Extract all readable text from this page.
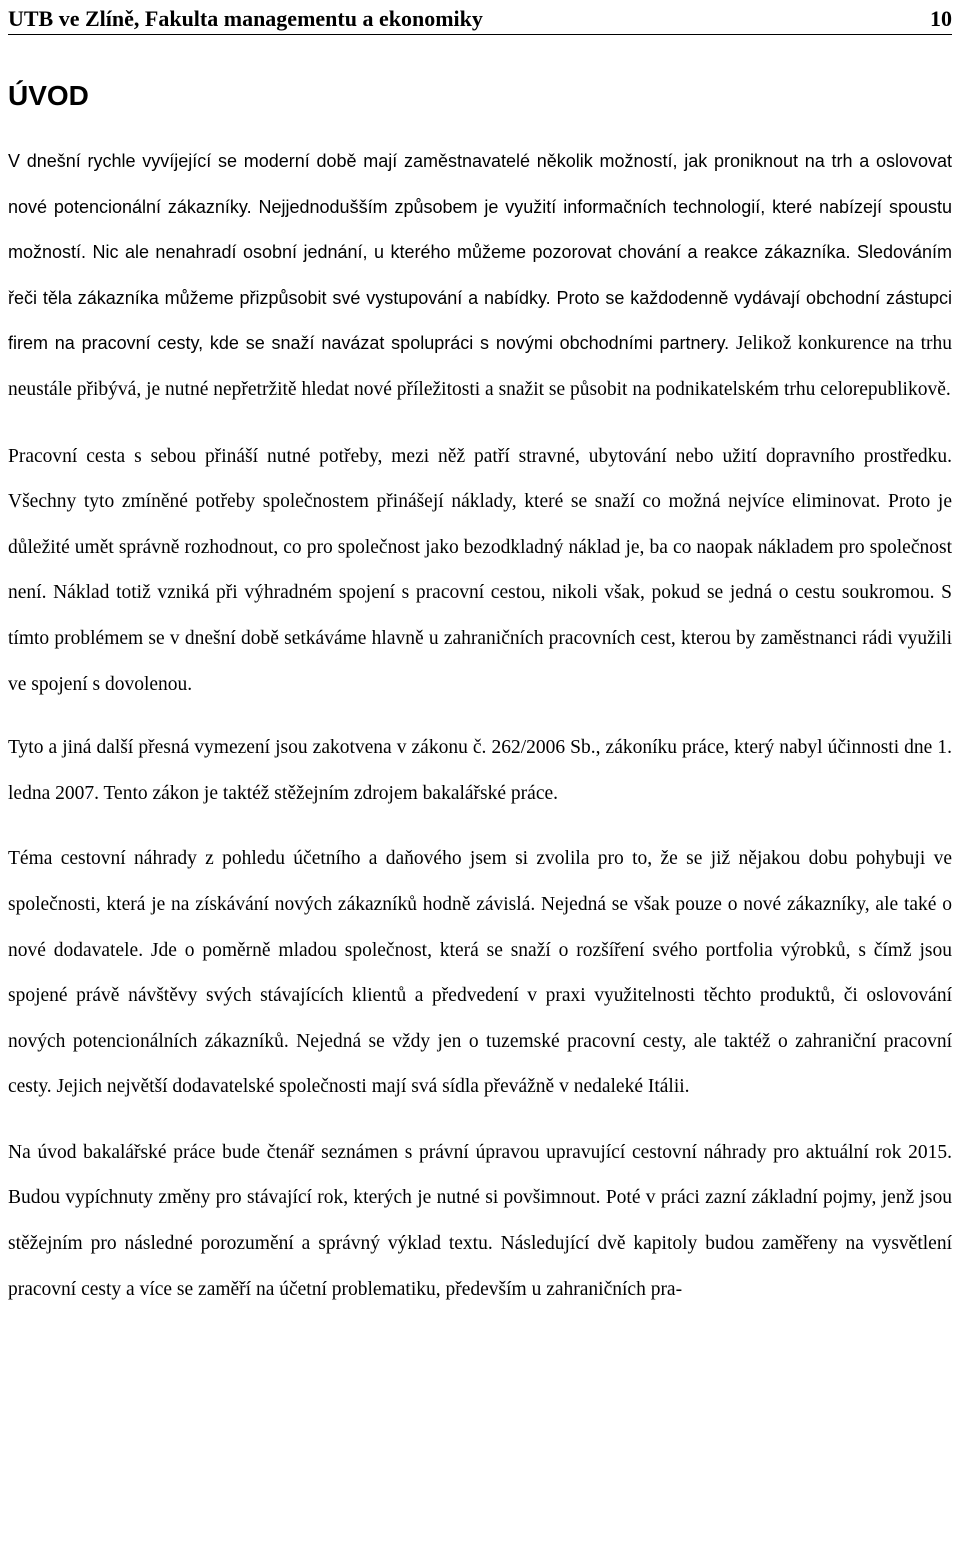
UTB ve Zlíně, Fakulta managementu a ekonomiky	10
ÚVOD

V dnešní rychle vyvíjející se moderní době mají zaměstnavatelé několik možností, jak proniknout na trh a oslovovat nové potencionální zákazníky. Nejjednodušším způsobem je využití informačních technologií, které nabízejí spoustu možností. Nic ale nenahradí osobní jednání, u kterého můžeme pozorovat chování a reakce zákazníka. Sledováním řeči těla zákazníka můžeme přizpůsobit své vystupování a nabídky. Proto se každodenně vydávají obchodní zástupci firem na pracovní cesty, kde se snaží navázat spolupráci s novými obchodními partnery. Jelikož konkurence na trhu neustále přibývá, je nutné nepřetržitě hledat nové příležitosti a snažit se působit na podnikatelském trhu celorepublikově.

Pracovní cesta s sebou přináší nutné potřeby, mezi něž patří stravné, ubytování nebo užití dopravního prostředku. Všechny tyto zmíněné potřeby společnostem přinášejí náklady, které se snaží co možná nejvíce eliminovat. Proto je důležité umět správně rozhodnout, co pro společnost jako bezodkladný náklad je, ba co naopak nákladem pro společnost není. Náklad totiž vzniká při výhradném spojení s pracovní cestou, nikoli však, pokud se jedná o cestu soukromou. S tímto problémem se v dnešní době setkáváme hlavně u zahraničních pracovních cest, kterou by zaměstnanci rádi využili ve spojení s dovolenou.

Tyto a jiná další přesná vymezení jsou zakotvena v zákonu č. 262/2006 Sb., zákoníku práce, který nabyl účinnosti dne 1. ledna 2007. Tento zákon je taktéž stěžejním zdrojem bakalářské práce.

Téma cestovní náhrady z pohledu účetního a daňového jsem si zvolila pro to, že se již nějakou dobu pohybuji ve společnosti, která je na získávání nových zákazníků hodně závislá. Nejedná se však pouze o nové zákazníky, ale také o nové dodavatele. Jde o poměrně mladou společnost, která se snaží o rozšíření svého portfolia výrobků, s čímž jsou spojené právě návštěvy svých stávajících klientů a předvedení v praxi využitelnosti těchto produktů, či oslovování nových potencionálních zákazníků. Nejedná se vždy jen o tuzemské pracovní cesty, ale taktéž o zahraniční pracovní cesty. Jejich největší dodavatelské společnosti mají svá sídla převážně v nedaleké Itálii.

Na úvod bakalářské práce bude čtenář seznámen s právní úpravou upravující cestovní náhrady pro aktuální rok 2015. Budou vypíchnuty změny pro stávající rok, kterých je nutné si povšimnout. Poté v práci zazní základní pojmy, jenž jsou stěžejním pro následné porozumění a správný výklad textu. Následující dvě kapitoly budou zaměřeny na vysvětlení pracovní cesty a více se zaměří na účetní problematiku, především u zahraničních pra-
